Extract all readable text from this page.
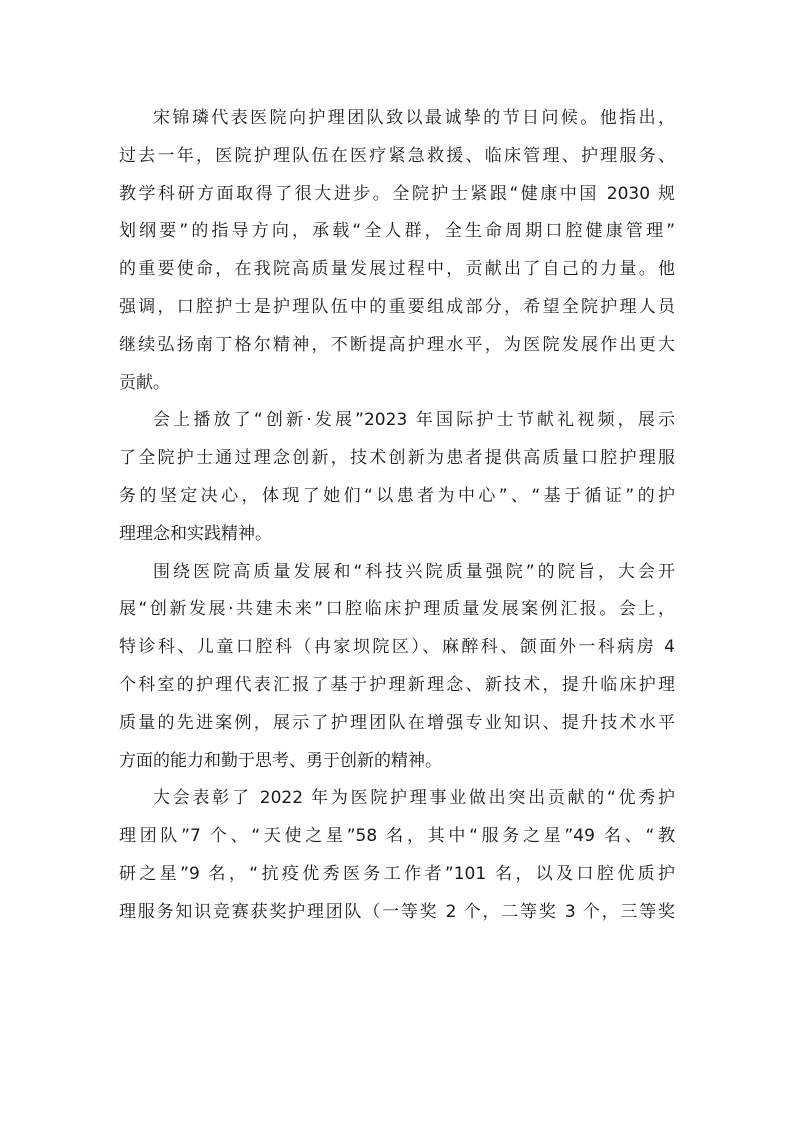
宋锦璘代表医院向护理团队致以最诚挚的节日问候。他指出，
过去一年，医院护理队伍在医疗紧急救援、临床管理、护理服务、
教学科研方面取得了很大进步。全院护士紧跟“健康中国 2030 规
划纲要”的指导方向，承载“全人群，全生命周期口腔健康管理”
的重要使命，在我院高质量发展过程中，贡献出了自己的力量。他
强调，口腔护士是护理队伍中的重要组成部分，希望全院护理人员
继续弘扬南丁格尔精神，不断提高护理水平，为医院发展作出更大
贡献。
会上播放了“创新·发展”2023 年国际护士节献礼视频，展示
了全院护士通过理念创新，技术创新为患者提供高质量口腔护理服
务的坚定决心，体现了她们“以患者为中心”、“基于循证”的护
理理念和实践精神。
围绕医院高质量发展和“科技兴院质量强院”的院旨，大会开
展“创新发展·共建未来”口腔临床护理质量发展案例汇报。会上，
特诊科、儿童口腔科（冉家坝院区）、麻醉科、颌面外一科病房 4
个科室的护理代表汇报了基于护理新理念、新技术，提升临床护理
质量的先进案例，展示了护理团队在增强专业知识、提升技术水平
方面的能力和勤于思考、勇于创新的精神。
大会表彰了 2022 年为医院护理事业做出突出贡献的“优秀护
理团队”7 个、“天使之星”58 名，其中“服务之星”49 名、“教
研之星”9 名，“抗疫优秀医务工作者”101 名，以及口腔优质护
理服务知识竞赛获奖护理团队（一等奖 2 个，二等奖 3 个，三等奖
